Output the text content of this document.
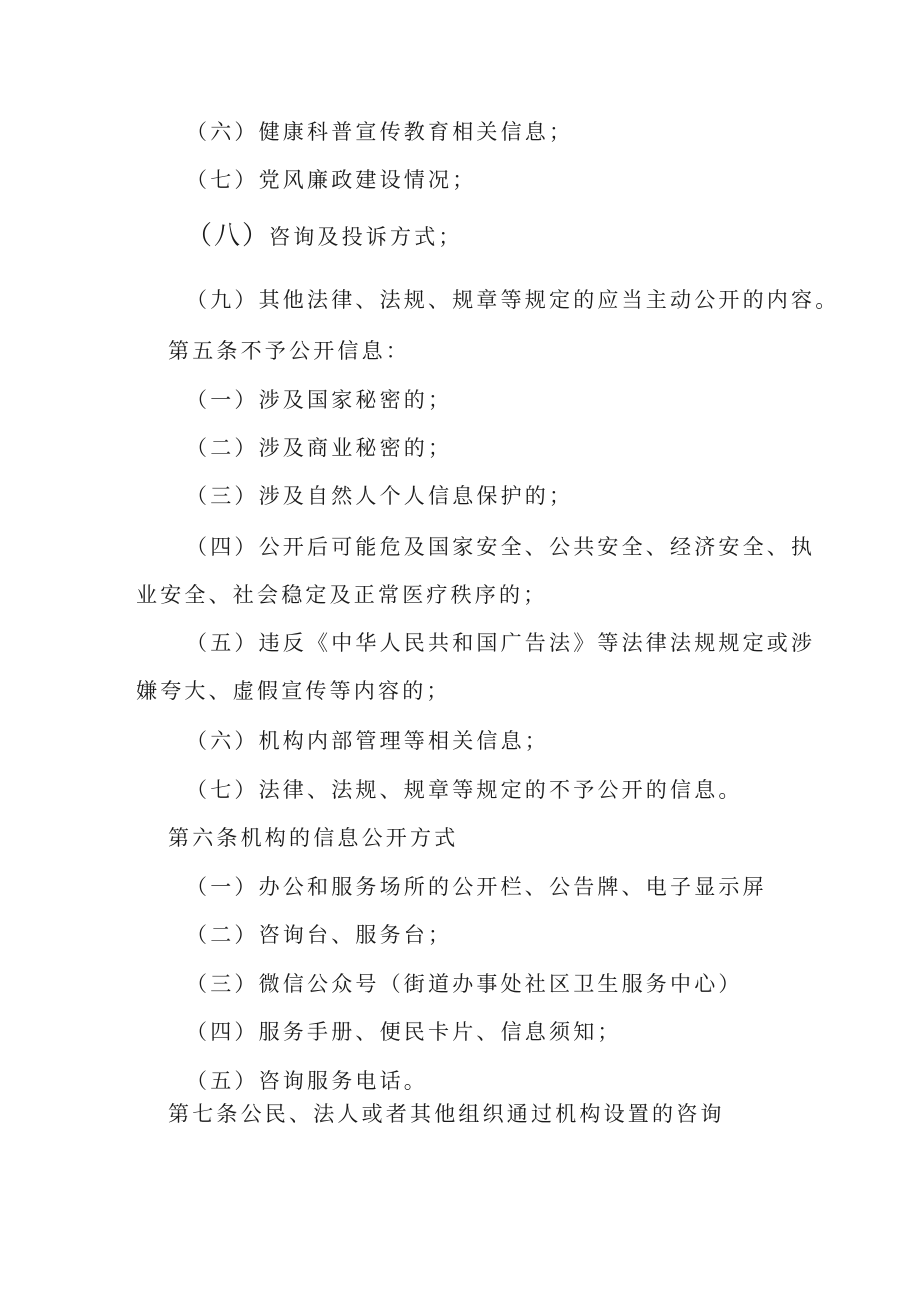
（六）健康科普宣传教育相关信息；
（七）党风廉政建设情况；
（八）
咨询及投诉方式；
（九）其他法律、法规、规章等规定的应当主动公开的内容。
第五条不予公开信息：
（一）涉及国家秘密的；
（二）涉及商业秘密的；
（三）涉及自然人个人信息保护的；
（四）公开后可能危及国家安全、公共安全、经济安全、执
业安全、社会稳定及正常医疗秩序的；
（五）违反《中华人民共和国广告法》等法律法规规定或涉
嫌夸大、虚假宣传等内容的；
（六）机构内部管理等相关信息；
（七）法律、法规、规章等规定的不予公开的信息。
第六条机构的信息公开方式
（一）办公和服务场所的公开栏、公告牌、电子显示屏
（二）咨询台、服务台；
（三）微信公众号（街道办事处社区卫生服务中心）
（四）服务手册、便民卡片、信息须知；
（五）咨询服务电话。
第七条公民、法人或者其他组织通过机构设置的咨询
